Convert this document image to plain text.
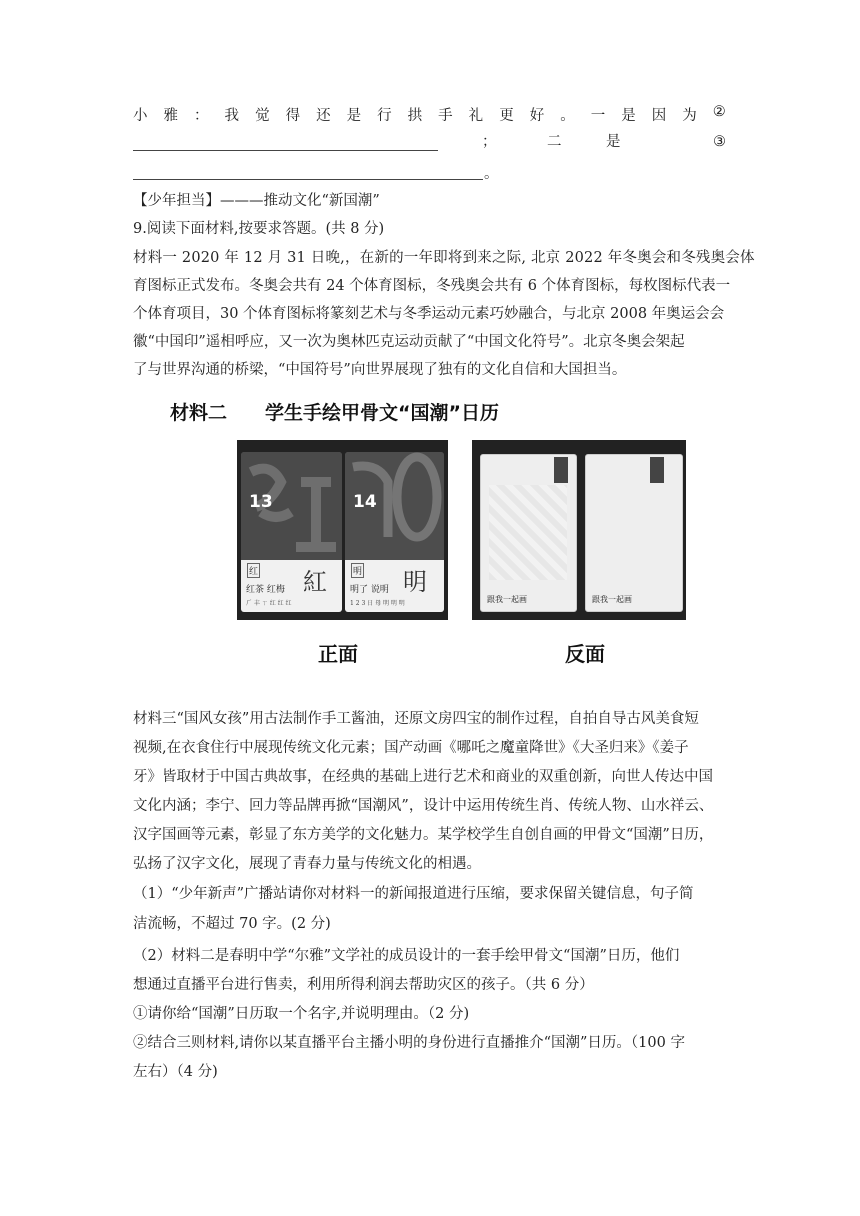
小 雅 ： 我 觉 得 还 是 行 拱 手 礼 更 好 。 一 是 因 为 ②
；	二	是	③
。
【少年担当】———推动文化“新国潮”
9.阅读下面材料,按要求答题。(共 8 分)
材料一 2020 年 12 月 31 日晚,，在新的一年即将到来之际, 北京 2022 年冬奥会和冬残奥会体
育图标正式发布。冬奥会共有 24 个体育图标，冬残奥会共有 6 个体育图标，每枚图标代表一
个体育项目，30 个体育图标将篆刻艺术与冬季运动元素巧妙融合，与北京 2008 年奥运会会
徽“中国印”遥相呼应，又一次为奥林匹克运动贡献了“中国文化符号”。北京冬奥会架起
了与世界沟通的桥梁，“中国符号”向世界展现了独有的文化自信和大国担当。
材料二　　学生手绘甲骨文“国潮”日历
13
红 紅
红茶 红梅
𠂆 丰 ㄒ 红 红 红
14
明 明
明了 说明
1 2 3 日 母 明 明 明	跟我一起画	跟我一起画
正面	反面
材料三“国风女孩”用古法制作手工酱油，还原文房四宝的制作过程，自拍自导古风美食短
视频,在衣食住行中展现传统文化元素；国产动画《哪吒之魔童降世》《大圣归来》《姜子
牙》皆取材于中国古典故事，在经典的基础上进行艺术和商业的双重创新，向世人传达中国
文化内涵；李宁、回力等品牌再掀“国潮风”，设计中运用传统生肖、传统人物、山水祥云、
汉字国画等元素，彰显了东方美学的文化魅力。某学校学生自创自画的甲骨文“国潮”日历，
弘扬了汉字文化，展现了青春力量与传统文化的相遇。
（1）“少年新声”广播站请你对材料一的新闻报道进行压缩，要求保留关键信息，句子简
洁流畅，不超过 70 字。(2 分)
（2）材料二是春明中学“尔雅”文学社的成员设计的一套手绘甲骨文“国潮”日历，他们
想通过直播平台进行售卖，利用所得利润去帮助灾区的孩子。（共 6 分）
①请你给“国潮”日历取一个名字,并说明理由。（2 分)
②结合三则材料,请你以某直播平台主播小明的身份进行直播推介“国潮”日历。（100 字
左右）（4 分)
